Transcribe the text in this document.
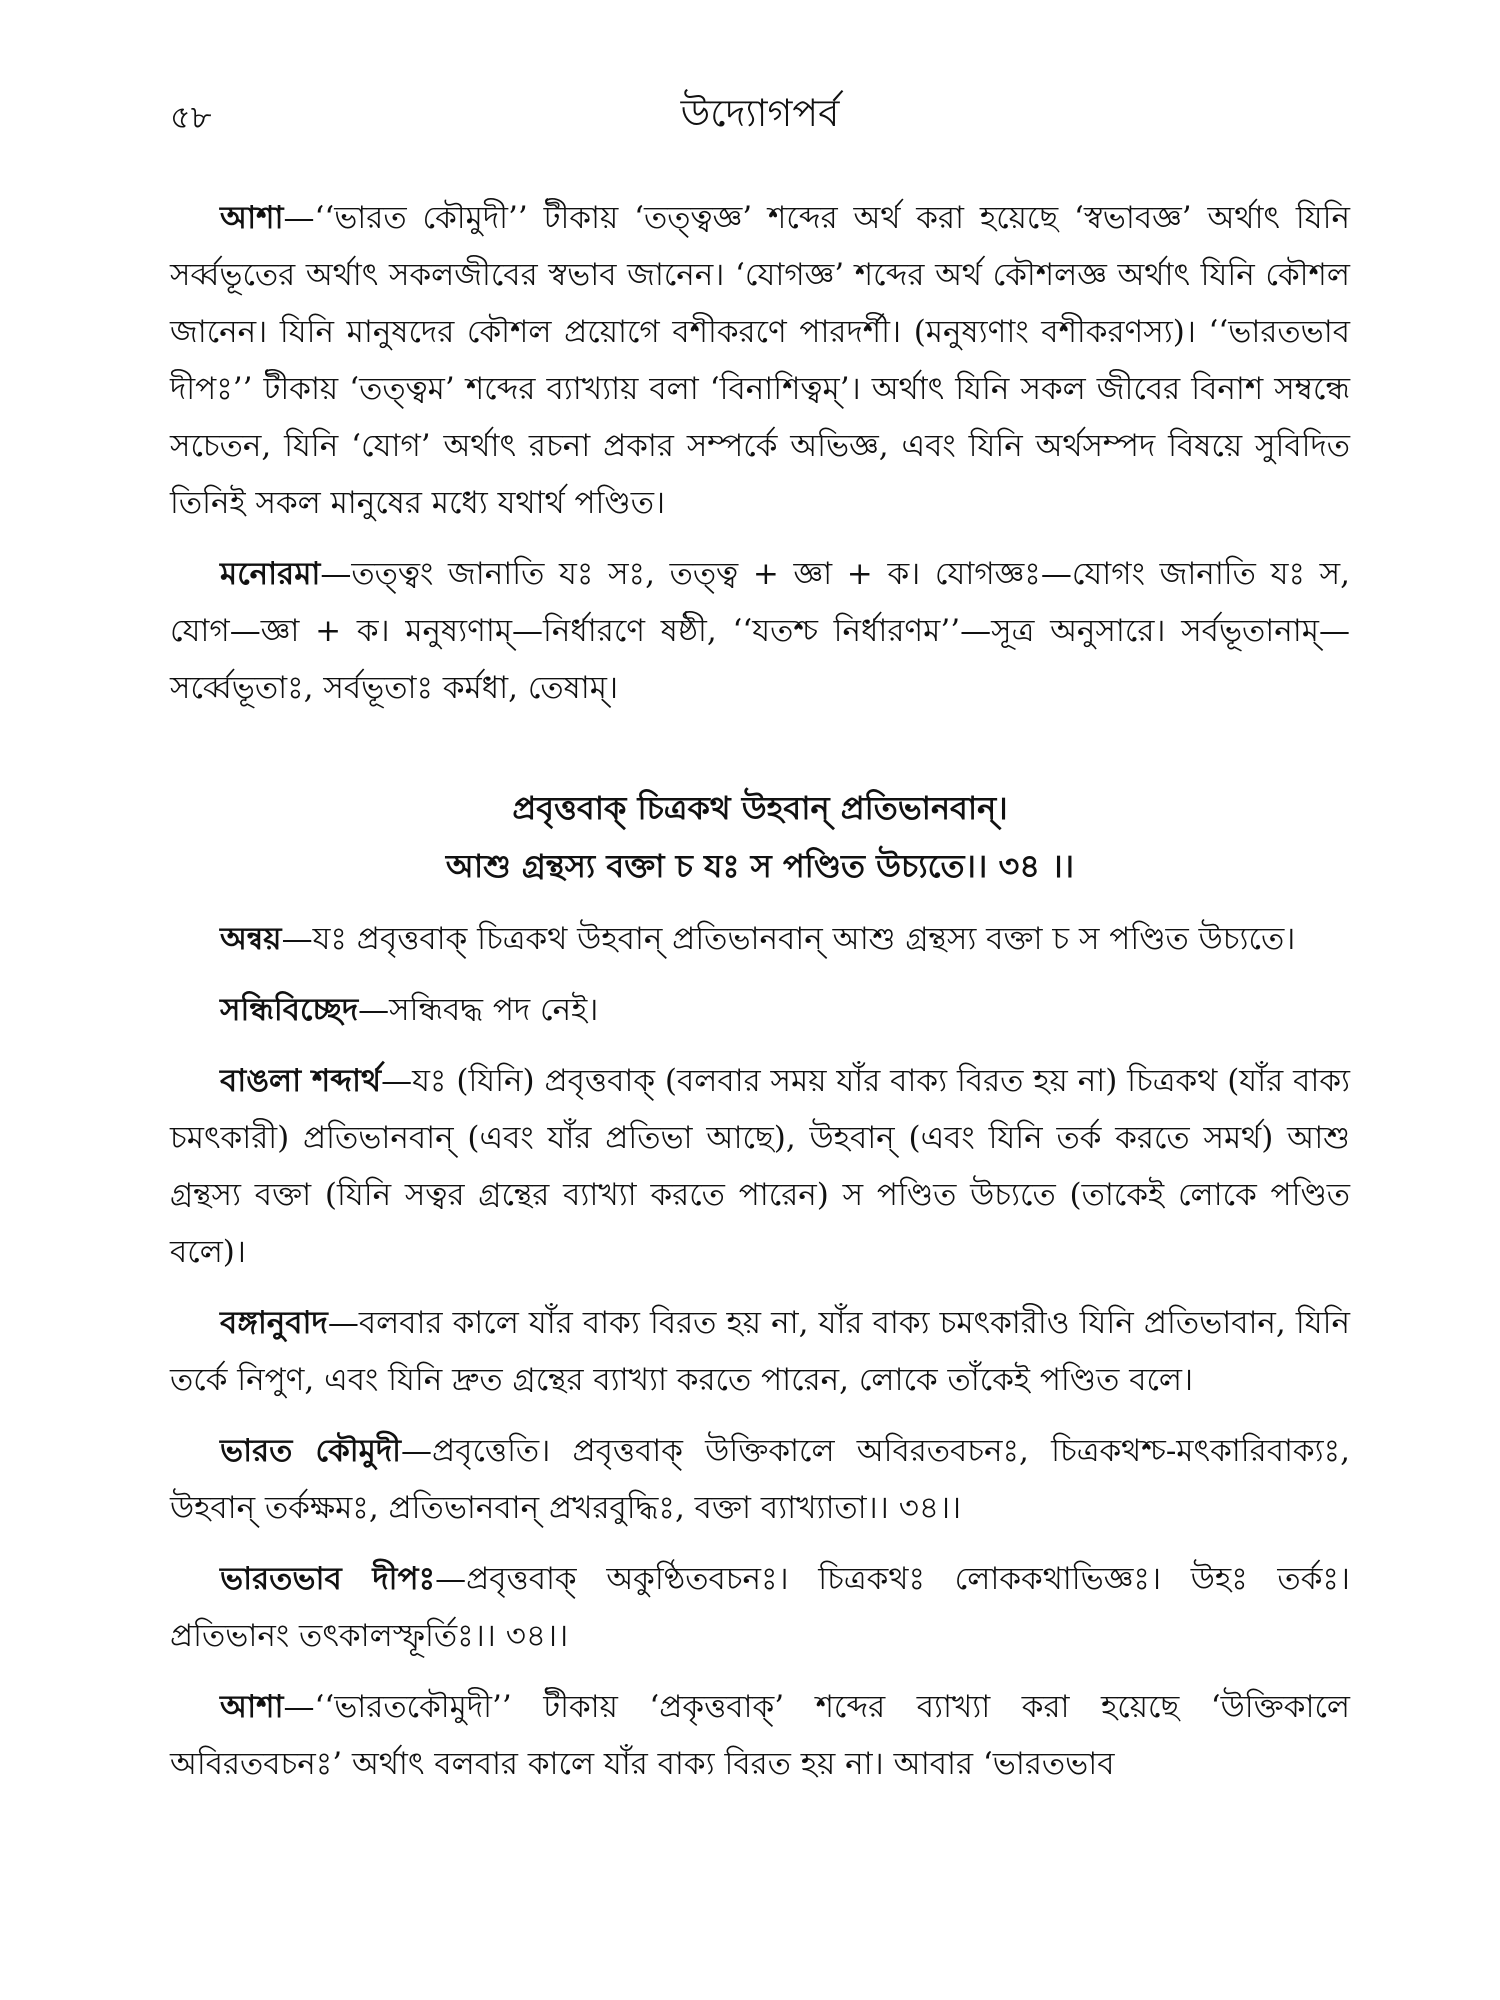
৫৮	উদ্যোগপর্ব

আশা—‘‘ভারত কৌমুদী’’ টীকায় ‘তত্ত্বজ্ঞ’ শব্দের অর্থ করা হয়েছে ‘স্বভাবজ্ঞ’ অর্থাৎ যিনি সর্ব্বভূতের অর্থাৎ সকলজীবের স্বভাব জানেন। ‘যোগজ্ঞ’ শব্দের অর্থ কৌশলজ্ঞ অর্থাৎ যিনি কৌশল জানেন। যিনি মানুষদের কৌশল প্রয়োগে বশীকরণে পারদর্শী। (মনুষ্যণাং বশীকরণস্য)। ‘‘ভারতভাব দীপঃ’’ টীকায় ‘তত্ত্বম’ শব্দের ব্যাখ্যায় বলা ‘বিনাশিত্বম্’। অর্থাৎ যিনি সকল জীবের বিনাশ সম্বন্ধে সচেতন, যিনি ‘যোগ’ অর্থাৎ রচনা প্রকার সম্পর্কে অভিজ্ঞ, এবং যিনি অর্থসম্পদ বিষয়ে সুবিদিত তিনিই সকল মানুষের মধ্যে যথার্থ পণ্ডিত।

মনোরমা—তত্ত্বং জানাতি যঃ সঃ, তত্ত্ব + জ্ঞা + ক। যোগজ্ঞঃ—যোগং জানাতি যঃ স, যোগ—জ্ঞা + ক। মনুষ্যণাম্—নির্ধারণে ষষ্ঠী, ‘‘যতশ্চ নির্ধারণম’’—সূত্র অনুসারে। সর্বভূতানাম্—সর্ব্বেভূতাঃ, সর্বভূতাঃ কর্মধা, তেষাম্।

প্রবৃত্তবাক্ চিত্রকথ উহবান্ প্রতিভানবান্।
আশু গ্রন্থস্য বক্তা চ যঃ স পণ্ডিত উচ্যতে।। ৩৪ ।।

অন্বয়—যঃ প্রবৃত্তবাক্ চিত্রকথ উহবান্ প্রতিভানবান্ আশু গ্রন্থস্য বক্তা চ স পণ্ডিত উচ্যতে।

সন্ধিবিচ্ছেদ—সন্ধিবদ্ধ পদ নেই।

বাঙলা শব্দার্থ—যঃ (যিনি) প্রবৃত্তবাক্ (বলবার সময় যাঁর বাক্য বিরত হয় না) চিত্রকথ (যাঁর বাক্য চমৎকারী) প্রতিভানবান্ (এবং যাঁর প্রতিভা আছে), উহবান্ (এবং যিনি তর্ক করতে সমর্থ) আশু গ্রন্থস্য বক্তা (যিনি সত্বর গ্রন্থের ব্যাখ্যা করতে পারেন) স পণ্ডিত উচ্যতে (তাকেই লোকে পণ্ডিত বলে)।

বঙ্গানুবাদ—বলবার কালে যাঁর বাক্য বিরত হয় না, যাঁর বাক্য চমৎকারীও যিনি প্রতিভাবান, যিনি তর্কে নিপুণ, এবং যিনি দ্রুত গ্রন্থের ব্যাখ্যা করতে পারেন, লোকে তাঁকেই পণ্ডিত বলে।

ভারত কৌমুদী—প্রবৃত্তেতি। প্রবৃত্তবাক্ উক্তিকালে অবিরতবচনঃ, চিত্রকথশ্চ-মৎকারিবাক্যঃ, উহবান্ তর্কক্ষমঃ, প্রতিভানবান্ প্রখরবুদ্ধিঃ, বক্তা ব্যাখ্যাতা।। ৩৪।।

ভারতভাব দীপঃ—প্রবৃত্তবাক্ অকুণ্ঠিতবচনঃ। চিত্রকথঃ লোককথাভিজ্ঞঃ। উহঃ তর্কঃ। প্রতিভানং তৎকালস্ফূর্তিঃ।। ৩৪।।

আশা—‘‘ভারতকৌমুদী’’ টীকায় ‘প্রকৃত্তবাক্’ শব্দের ব্যাখ্যা করা হয়েছে ‘উক্তিকালে অবিরতবচনঃ’ অর্থাৎ বলবার কালে যাঁর বাক্য বিরত হয় না। আবার ‘ভারতভাব
